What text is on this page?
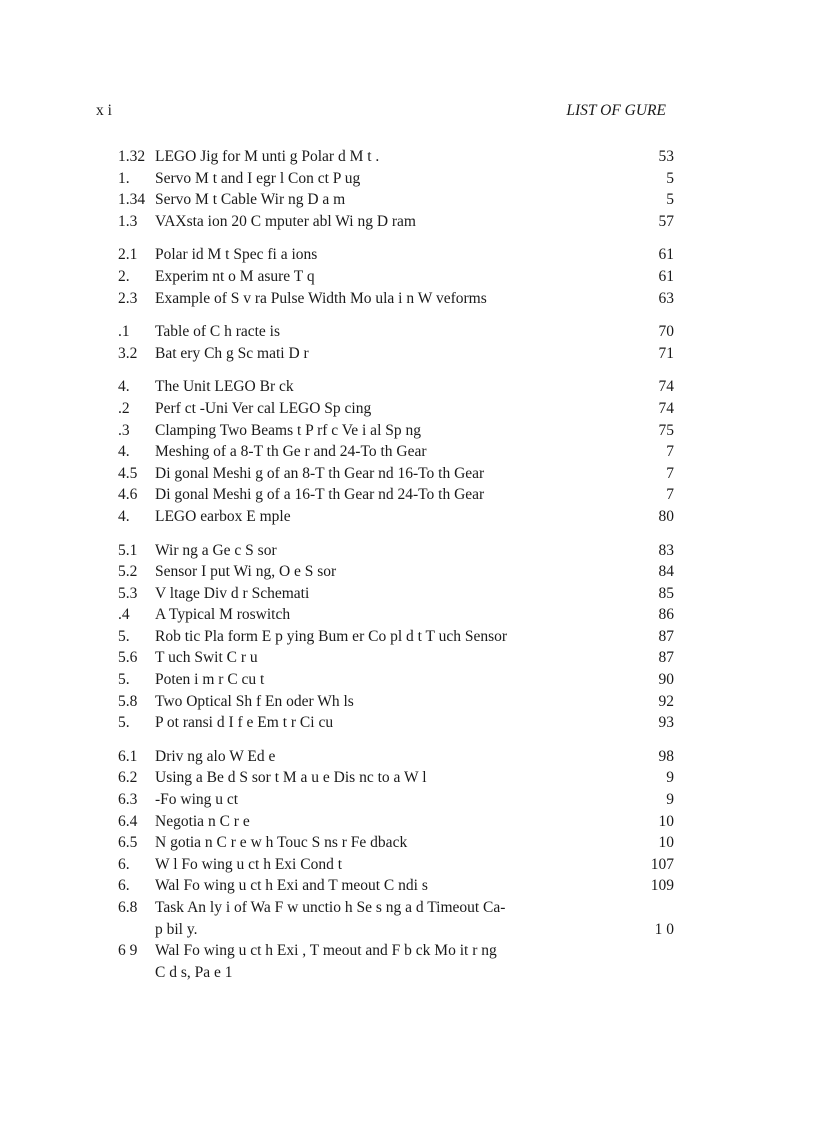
x i	LIST OF GURE
1.32 LEGO Jig for M unti g Polar d M t .	53
1.	Servo M t and I egr l Con ct P ug	5
1.34 Servo M t Cable Wir ng D a m	5
1.3	VAXsta ion 20 C mputer abl Wi ng D ram	57
2.1	Polar id M t Spec fi a ions	61
2.	Experim nt o M asure T q	61
2.3	Example of S v ra Pulse Width Mo ula i n W veforms	63
.1	Table of C h racte is	70
3.2	Bat ery Ch g Sc mati D r	71
4.	The Unit LEGO Br ck	74
.2	Perf ct -Uni Ver cal LEGO Sp cing	74
.3	Clamping Two Beams t P rf c Ve i al Sp ng	75
4.	Meshing of a 8-T th Ge r and 24-To th Gear	7
4.5	Di gonal Meshi g of an 8-T th Gear nd 16-To th Gear	7
4.6	Di gonal Meshi g of a 16-T th Gear nd 24-To th Gear	7
4.	LEGO earbox E mple	80
5.1	Wir ng a Ge c S sor	83
5.2	Sensor I put Wi ng, O e S sor	84
5.3	V ltage Div d r Schemati	85
.4	A Typical M roswitch	86
5.	Rob tic Pla form E p ying Bum er Co pl d t T uch Sensor	87
5.6	T uch Swit C r u	87
5.	Poten i m r C cu t	90
5.8	Two Optical Sh f En oder Wh ls	92
5.	P ot ransi d I f e Em t r Ci cu	93
6.1	Driv ng alo W Ed e	98
6.2	Using a Be d S sor t M a u e Dis nc to a W l	9
6.3	-Fo wing u ct	9
6.4	Negotia n C r e	10
6.5	N gotia n C r e w h Touc S ns r Fe dback	10
6.	W l Fo wing u ct h Exi Cond t	107
6.	Wal Fo wing u ct h Exi and T meout C ndi s	109
6.8	Task An ly i of Wa F w unctio h Se s ng a d Timeout Ca-
p bil y.	1 0
6 9	Wal Fo wing u ct h Exi , T meout and F b ck Mo it r ng
C d s, Pa e 1
